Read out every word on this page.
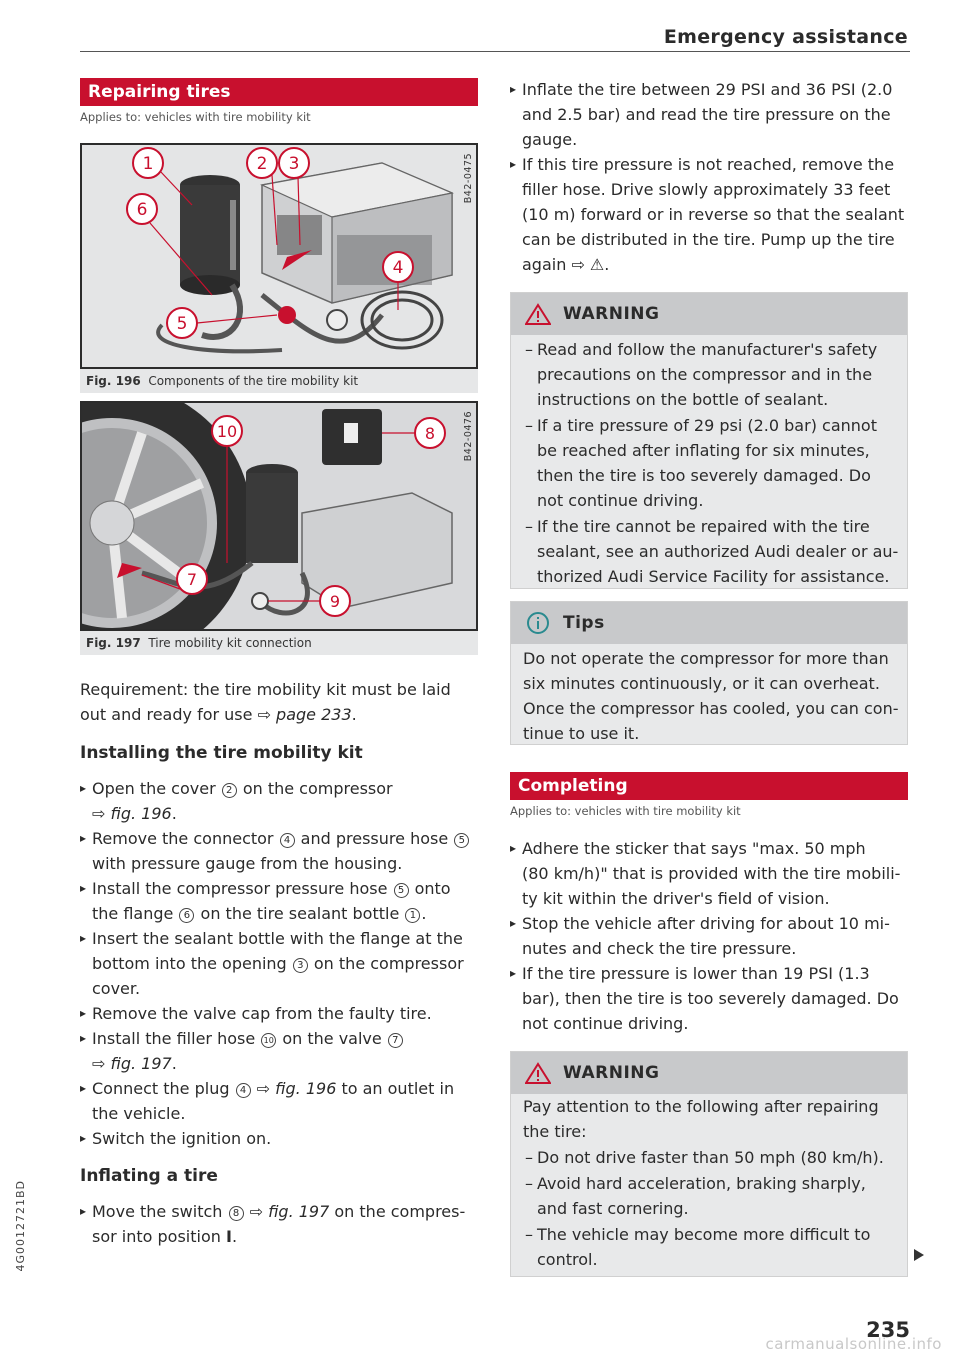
Emergency assistance
4G0012721BD
Repairing tires
Applies to: vehicles with tire mobility kit
1	2 3
6
4
5
B42-0475
Fig. 196 Components of the tire mobility kit
10	8
7
9
B42-0476
Fig. 197 Tire mobility kit connection
Requirement: the tire mobility kit must be laid
out and ready for use ⇨ page 233.
Installing the tire mobility kit
▸ Open the cover 2 on the compressor
⇨ fig. 196.
▸ Remove the connector 4 and pressure hose 5
with pressure gauge from the housing.
▸ Install the compressor pressure hose 5 onto
the flange 6 on the tire sealant bottle 1 .
▸ Insert the sealant bottle with the flange at the
bottom into the opening 3 on the compressor
cover.
▸ Remove the valve cap from the faulty tire.
▸ Install the filler hose 10 on the valve 7
⇨ fig. 197.
▸ Connect the plug 4 ⇨ fig. 196 to an outlet in
the vehicle.
▸ Switch the ignition on.
Inflating a tire
▸ Move the switch 8 ⇨ fig. 197 on the compres-
sor into position I.
▸ Inflate the tire between 29 PSI and 36 PSI (2.0
and 2.5 bar) and read the tire pressure on the
gauge.
▸ If this tire pressure is not reached, remove the
filler hose. Drive slowly approximately 33 feet
(10 m) forward or in reverse so that the sealant
can be distributed in the tire. Pump up the tire
again ⇨ ⚠.
WARNING
– Read and follow the manufacturer's safety
precautions on the compressor and in the
instructions on the bottle of sealant.
– If a tire pressure of 29 psi (2.0 bar) cannot
be reached after inflating for six minutes,
then the tire is too severely damaged. Do
not continue driving.
– If the tire cannot be repaired with the tire
sealant, see an authorized Audi dealer or au-
thorized Audi Service Facility for assistance.
Tips
Do not operate the compressor for more than
six minutes continuously, or it can overheat.
Once the compressor has cooled, you can con-
tinue to use it.
Completing
Applies to: vehicles with tire mobility kit
▸ Adhere the sticker that says "max. 50 mph
(80 km/h)" that is provided with the tire mobili-
ty kit within the driver's field of vision.
▸ Stop the vehicle after driving for about 10 mi-
nutes and check the tire pressure.
▸ If the tire pressure is lower than 19 PSI (1.3
bar), then the tire is too severely damaged. Do
not continue driving.
WARNING
Pay attention to the following after repairing
the tire:
– Do not drive faster than 50 mph (80 km/h).
– Avoid hard acceleration, braking sharply,
and fast cornering.
– The vehicle may become more difficult to
control.
235
carmanualsonline.info
